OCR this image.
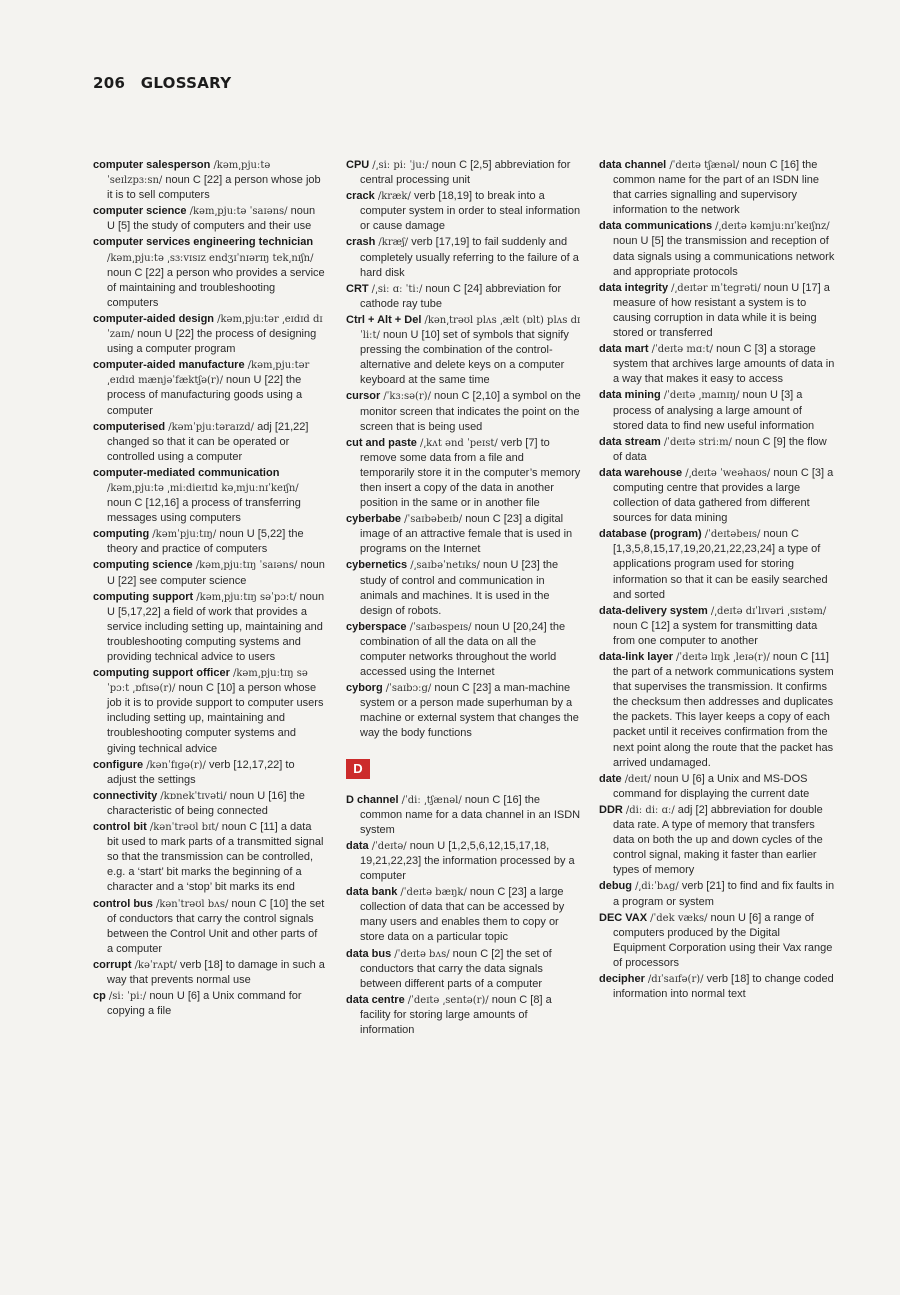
206 GLOSSARY
computer salesperson /kəm͵pjuːtə ˈseɪlzpɜːsn/ noun C [22] a person whose job it is to sell computers
computer science /kəm͵pjuːtə ˈsaɪəns/ noun U [5] the study of computers and their use
computer services engineering technician /kəm͵pjuːtə ͵sɜːvɪsɪz endʒɪˈnɪərɪŋ tek͵nɪʃn/ noun C [22] a person who provides a service of maintaining and troubleshooting computers
computer-aided design /kəm͵pjuːtər ͵eɪdɪd dɪˈzaɪn/ noun U [22] the process of designing using a computer program
computer-aided manufacture /kəm͵pjuːtər ͵eɪdɪd mænjəˈfæktʃə(r)/ noun U [22] the process of manufacturing goods using a computer
computerised /kəmˈpjuːtəraɪzd/ adj [21,22] changed so that it can be operated or controlled using a computer
computer-mediated communication /kəm͵pjuːtə ͵miːdieɪtɪd kə͵mjuːnɪˈkeɪʃn/ noun C [12,16] a process of transferring messages using computers
computing /kəmˈpjuːtɪŋ/ noun U [5,22] the theory and practice of computers
computing science /kəm͵pjuːtɪŋ ˈsaɪəns/ noun U [22] see computer science
computing support /kəm͵pjuːtɪŋ səˈpɔːt/ noun U [5,17,22] a field of work that provides a service including setting up, maintaining and troubleshooting computing systems and providing technical advice to users
computing support officer /kəm͵pjuːtɪŋ səˈpɔːt ͵ɒfɪsə(r)/ noun C [10] a person whose job it is to provide support to computer users including setting up, maintaining and troubleshooting computer systems and giving technical advice
configure /kənˈfɪgə(r)/ verb [12,17,22] to adjust the settings
connectivity /kɒnekˈtɪvəti/ noun U [16] the characteristic of being connected
control bit /kənˈtrəʊl bɪt/ noun C [11] a data bit used to mark parts of a transmitted signal so that the transmission can be controlled, e.g. a ‘start’ bit marks the beginning of a character and a ‘stop’ bit marks its end
control bus /kənˈtrəʊl bʌs/ noun C [10] the set of conductors that carry the control signals between the Control Unit and other parts of a computer
corrupt /kəˈrʌpt/ verb [18] to damage in such a way that prevents normal use
cp /siː ˈpiː/ noun U [6] a Unix command for copying a file
CPU /͵siː piː ˈjuː/ noun C [2,5] abbreviation for central processing unit
crack /kræk/ verb [18,19] to break into a computer system in order to steal information or cause damage
crash /kræʃ/ verb [17,19] to fail suddenly and completely usually referring to the failure of a hard disk
CRT /͵siː ɑː ˈtiː/ noun C [24] abbreviation for cathode ray tube
Ctrl + Alt + Del /kən͵trəʊl plʌs ͵ælt (ɒlt) plʌs dɪˈliːt/ noun U [10] set of symbols that signify pressing the combination of the control-alternative and delete keys on a computer keyboard at the same time
cursor /ˈkɜːsə(r)/ noun C [2,10] a symbol on the monitor screen that indicates the point on the screen that is being used
cut and paste /͵kʌt ənd ˈpeɪst/ verb [7] to remove some data from a file and temporarily store it in the computer’s memory then insert a copy of the data in another position in the same or in another file
cyberbabe /ˈsaɪbəbeɪb/ noun C [23] a digital image of an attractive female that is used in programs on the Internet
cybernetics /͵saɪbəˈnetɪks/ noun U [23] the study of control and communication in animals and machines. It is used in the design of robots.
cyberspace /ˈsaɪbəspeɪs/ noun U [20,24] the combination of all the data on all the computer networks throughout the world accessed using the Internet
cyborg /ˈsaɪbɔːg/ noun C [23] a man-machine system or a person made superhuman by a machine or external system that changes the way the body functions
D
D channel /ˈdiː ͵tʃænəl/ noun C [16] the common name for a data channel in an ISDN system
data /ˈdeɪtə/ noun U [1,2,5,6,12,15,17,18, 19,21,22,23] the information processed by a computer
data bank /ˈdeɪtə bæŋk/ noun C [23] a large collection of data that can be accessed by many users and enables them to copy or store data on a particular topic
data bus /ˈdeɪtə bʌs/ noun C [2] the set of conductors that carry the data signals between different parts of a computer
data centre /ˈdeɪtə ͵sentə(r)/ noun C [8] a facility for storing large amounts of information
data channel /ˈdeɪtə tʃænəl/ noun C [16] the common name for the part of an ISDN line that carries signalling and supervisory information to the network
data communications /͵deɪtə kəmjuːnɪˈkeɪʃnz/ noun U [5] the transmission and reception of data signals using a communications network and appropriate protocols
data integrity /͵deɪtər ɪnˈtegrəti/ noun U [17] a measure of how resistant a system is to causing corruption in data while it is being stored or transferred
data mart /ˈdeɪtə mɑːt/ noun C [3] a storage system that archives large amounts of data in a way that makes it easy to access
data mining /ˈdeɪtə ͵maɪnɪŋ/ noun U [3] a process of analysing a large amount of stored data to find new useful information
data stream /ˈdeɪtə striːm/ noun C [9] the flow of data
data warehouse /͵deɪtə ˈweəhaʊs/ noun C [3] a computing centre that provides a large collection of data gathered from different sources for data mining
database (program) /ˈdeɪtəbeɪs/ noun C [1,3,5,8,15,17,19,20,21,22,23,24] a type of applications program used for storing information so that it can be easily searched and sorted
data-delivery system /͵deɪtə dɪˈlɪvəri ͵sɪstəm/ noun C [12] a system for transmitting data from one computer to another
data-link layer /ˈdeɪtə lɪŋk ͵leɪə(r)/ noun C [11] the part of a network communications system that supervises the transmission. It confirms the checksum then addresses and duplicates the packets. This layer keeps a copy of each packet until it receives confirmation from the next point along the route that the packet has arrived undamaged.
date /deɪt/ noun U [6] a Unix and MS-DOS command for displaying the current date
DDR /diː diː ɑː/ adj [2] abbreviation for double data rate. A type of memory that transfers data on both the up and down cycles of the control signal, making it faster than earlier types of memory
debug /͵diːˈbʌg/ verb [21] to find and fix faults in a program or system
DEC VAX /ˈdek væks/ noun U [6] a range of computers produced by the Digital Equipment Corporation using their Vax range of processors
decipher /dɪˈsaɪfə(r)/ verb [18] to change coded information into normal text
